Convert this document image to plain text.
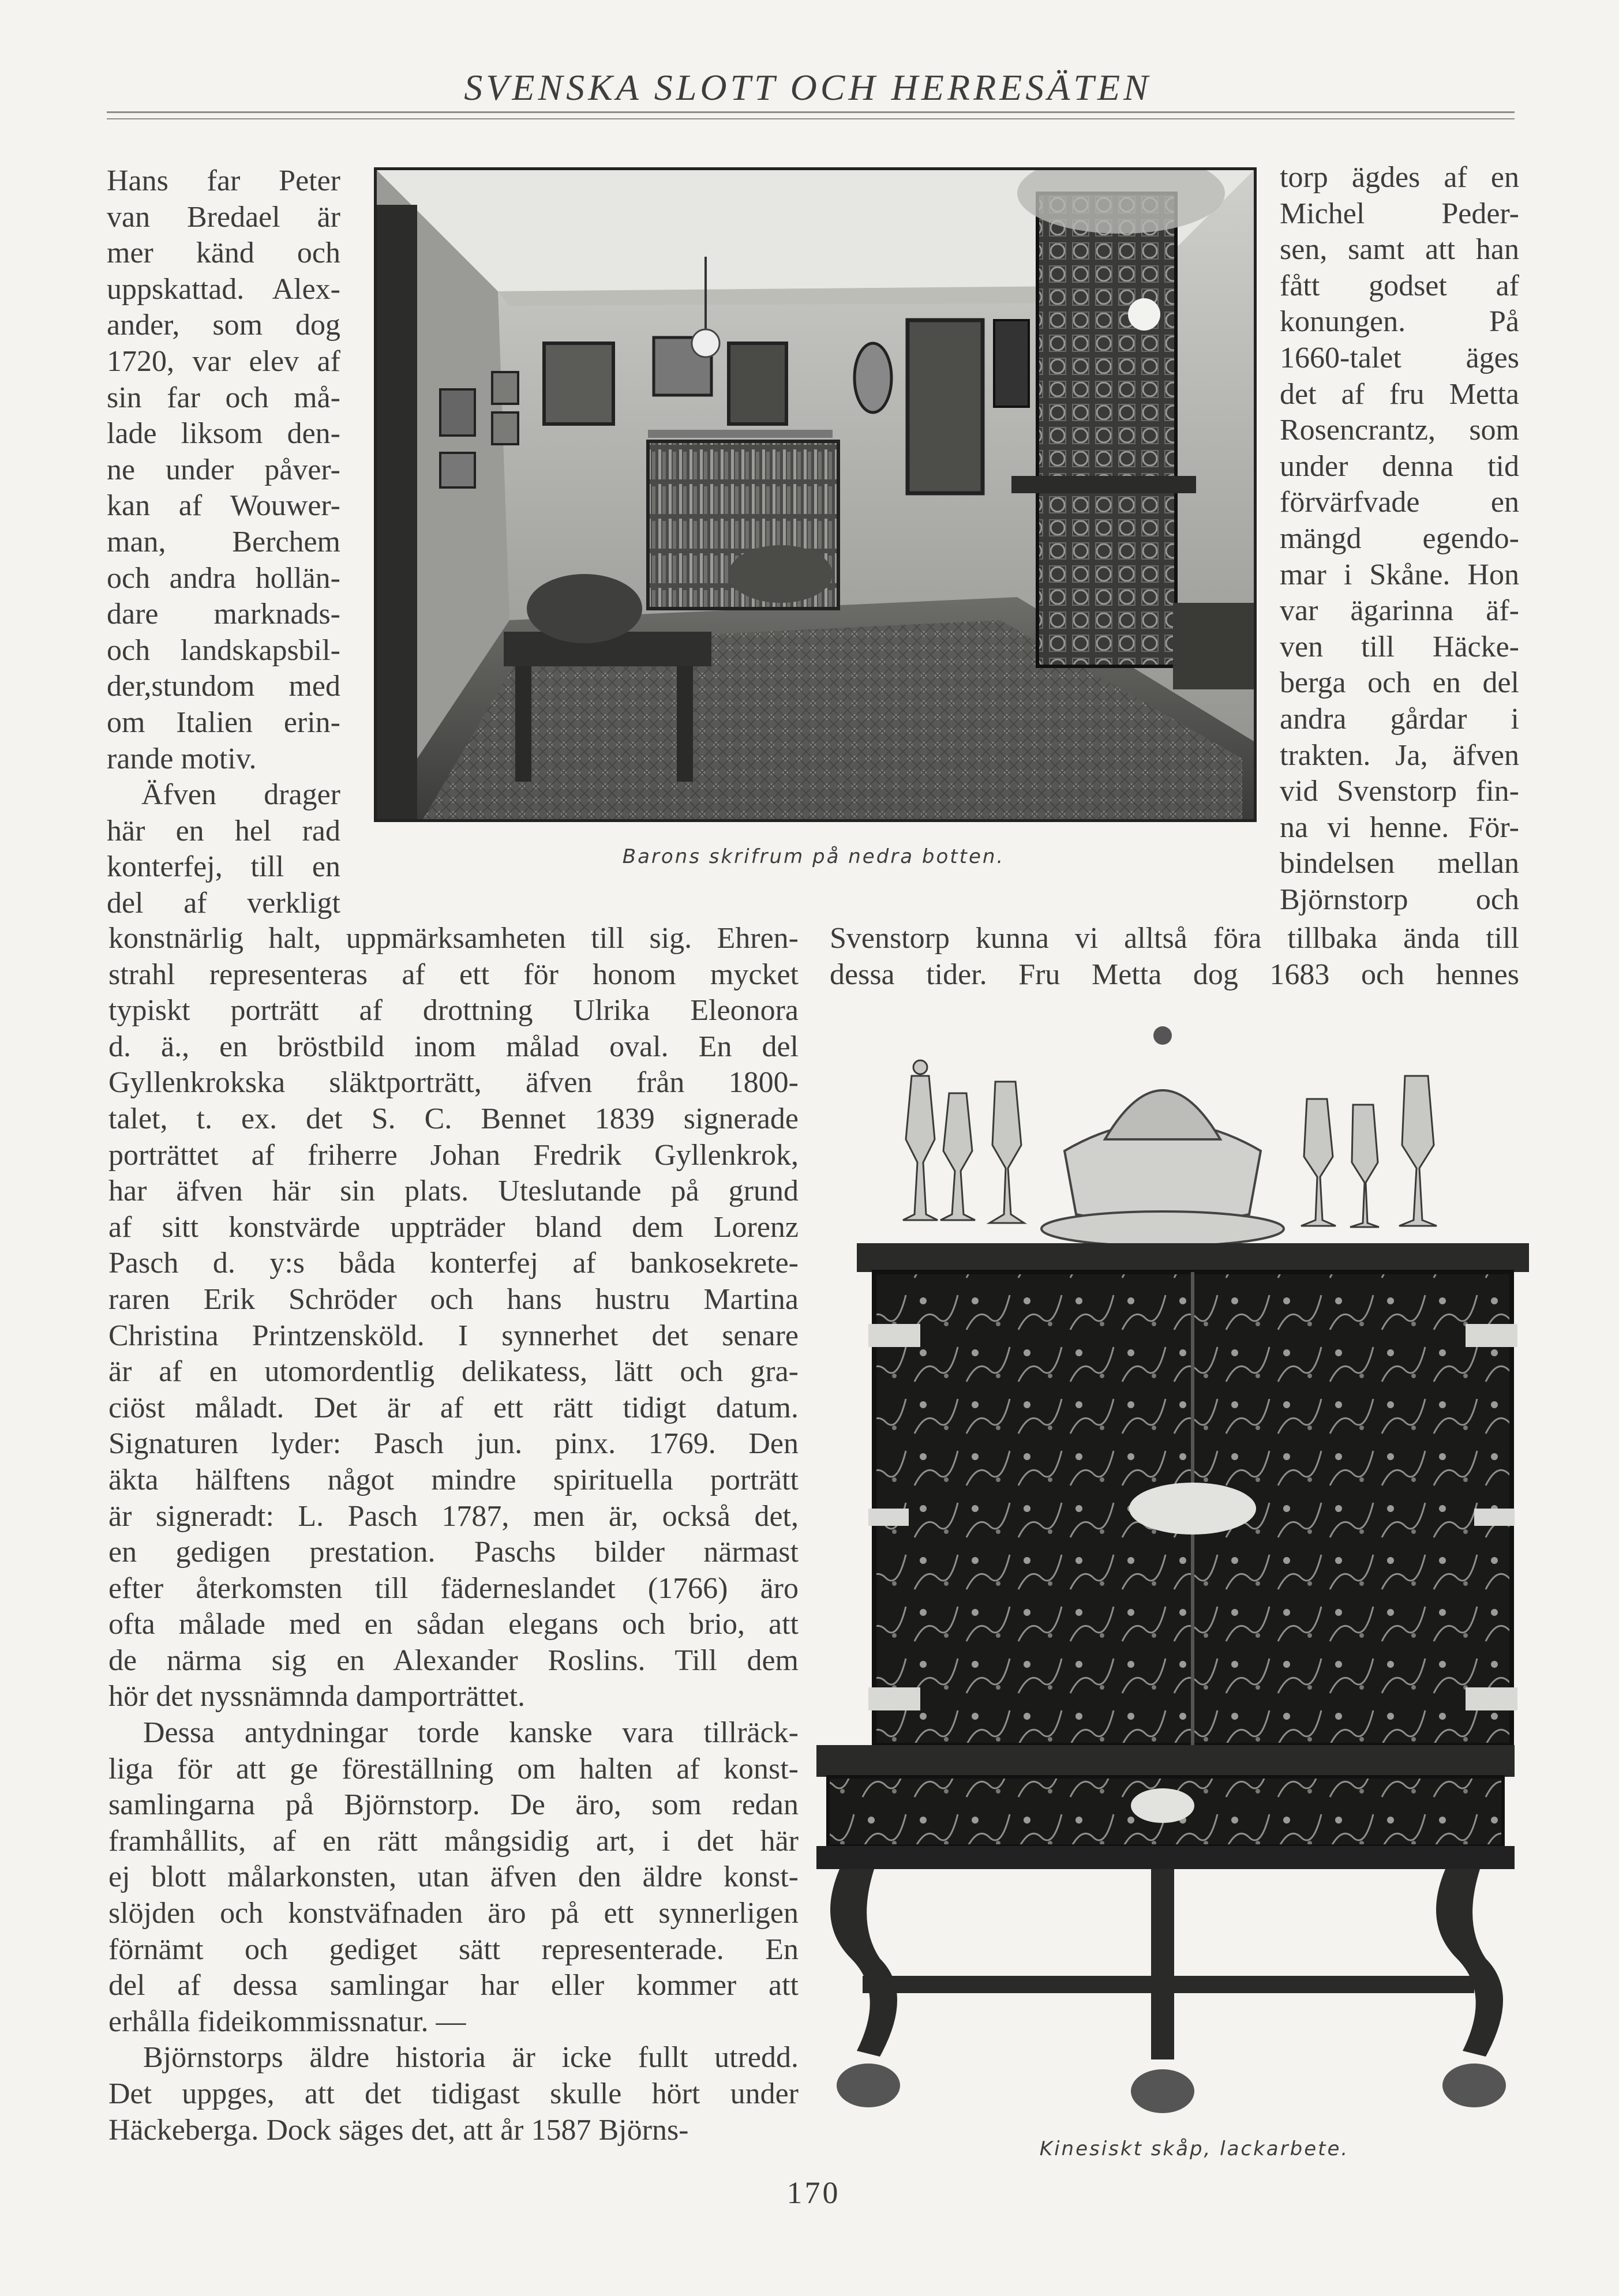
SVENSKA SLOTT OCH HERRESÄTEN
Hans far Peter
van Bredael är
mer känd och
uppskattad. Alex-
ander, som dog
1720, var elev af
sin far och må-
lade liksom den-
ne under påver-
kan af Wouwer-
man, Berchem
och andra hollän-
dare marknads-
och landskapsbil-
der,stundom med
om Italien erin-
rande motiv.
Äfven drager
här en hel rad
konterfej, till en
del af verkligt
Barons skrifrum på nedra botten.
torp ägdes af en
Michel Peder-
sen, samt att han
fått godset af
konungen. På
1660-talet äges
det af fru Metta
Rosencrantz, som
under denna tid
förvärfvade en
mängd egendo-
mar i Skåne. Hon
var ägarinna äf-
ven till Häcke-
berga och en del
andra gårdar i
trakten. Ja, äfven
vid Svenstorp fin-
na vi henne. För-
bindelsen mellan
Björnstorp och
Svenstorp kunna vi alltså föra tillbaka ända till
dessa tider. Fru Metta dog 1683 och hennes
konstnärlig halt, uppmärksamheten till sig. Ehren-
strahl representeras af ett för honom mycket
typiskt porträtt af drottning Ulrika Eleonora
d. ä., en bröstbild inom målad oval. En del
Gyllenkrokska släktporträtt, äfven från 1800-
talet, t. ex. det S. C. Bennet 1839 signerade
porträttet af friherre Johan Fredrik Gyllenkrok,
har äfven här sin plats. Uteslutande på grund
af sitt konstvärde uppträder bland dem Lorenz
Pasch d. y:s båda konterfej af bankosekrete-
raren Erik Schröder och hans hustru Martina
Christina Printzensköld. I synnerhet det senare
är af en utomordentlig delikatess, lätt och gra-
ciöst måladt. Det är af ett rätt tidigt datum.
Signaturen lyder: Pasch jun. pinx. 1769. Den
äkta hälftens något mindre spirituella porträtt
är signeradt: L. Pasch 1787, men är, också det,
en gedigen prestation. Paschs bilder närmast
efter återkomsten till fäderneslandet (1766) äro
ofta målade med en sådan elegans och brio, att
de närma sig en Alexander Roslins. Till dem
hör det nyssnämnda damporträttet.
Dessa antydningar torde kanske vara tillräck-
liga för att ge föreställning om halten af konst-
samlingarna på Björnstorp. De äro, som redan
framhållits, af en rätt mångsidig art, i det här
ej blott målarkonsten, utan äfven den äldre konst-
slöjden och konstväfnaden äro på ett synnerligen
förnämt och gediget sätt representerade. En
del af dessa samlingar har eller kommer att
erhålla fideikommissnatur. —
Björnstorps äldre historia är icke fullt utredd.
Det uppges, att det tidigast skulle hört under
Häckeberga. Dock säges det, att år 1587 Björns-
Kinesiskt skåp, lackarbete.
170
